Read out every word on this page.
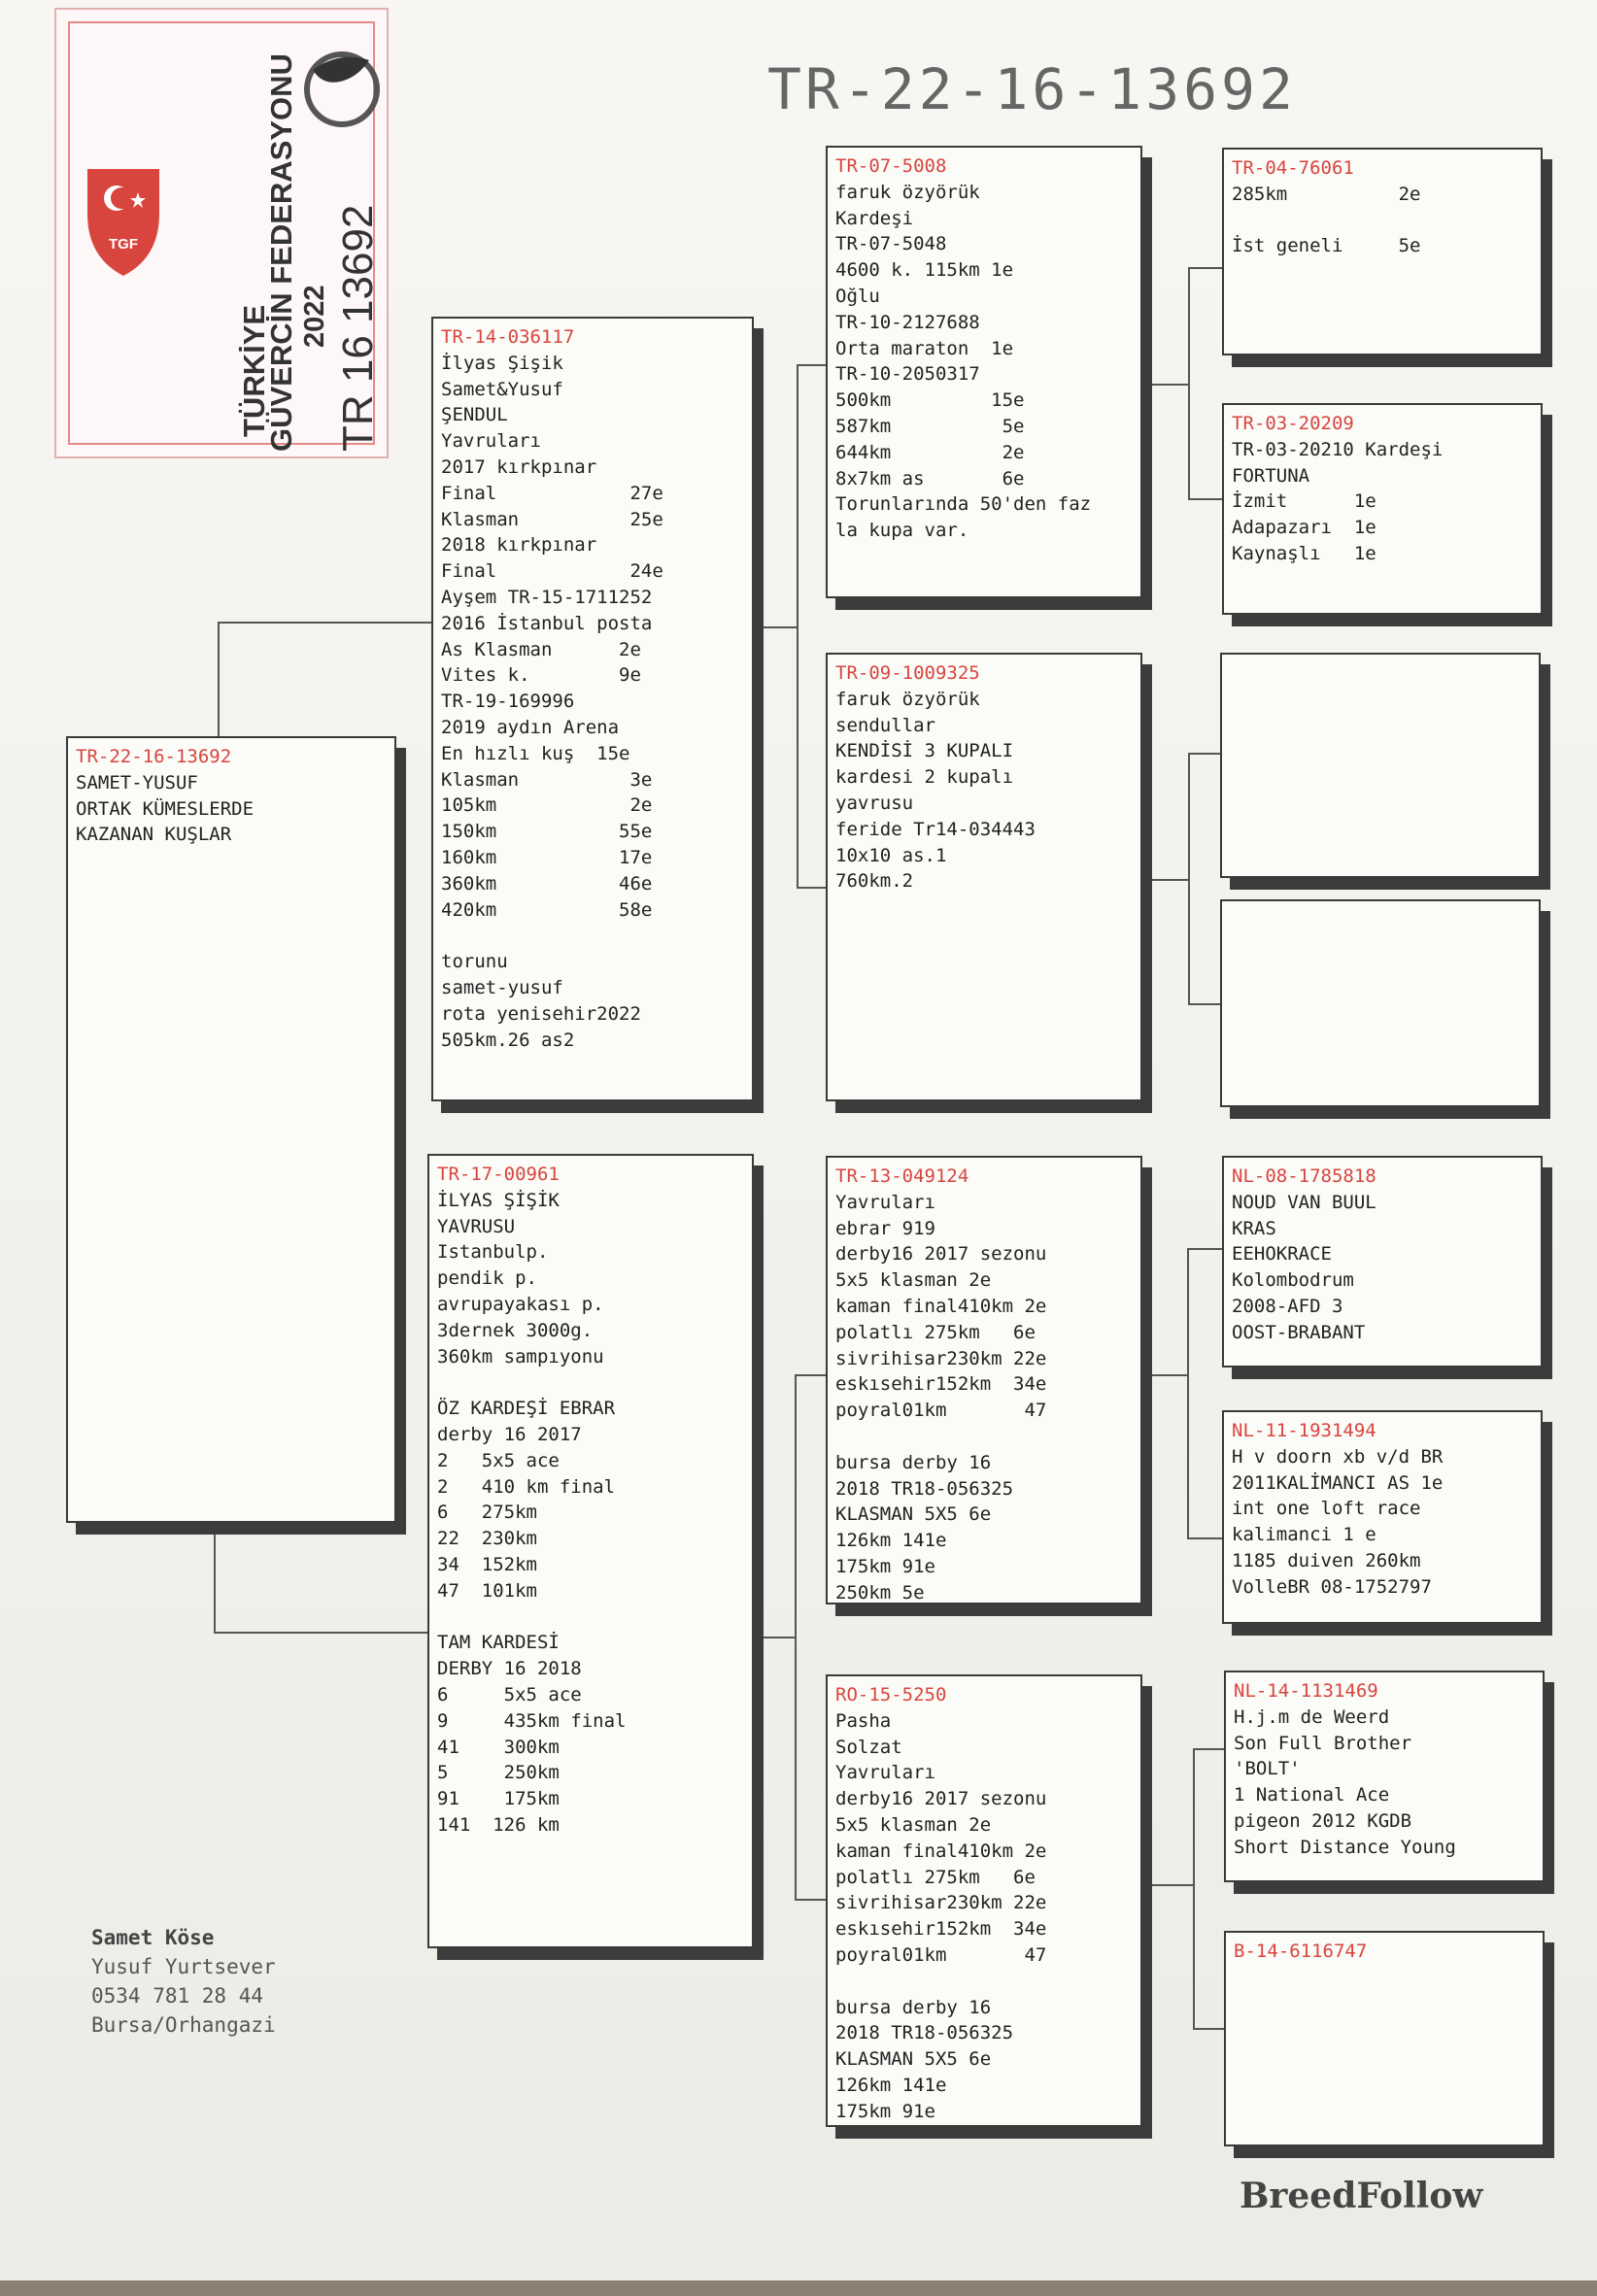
TGF
TÜRKİYE
GÜVERCİN FEDERASYONU 2022 TR 16 13692
TR-22-16-13692
TR-22-16-13692
SAMET-YUSUF
ORTAK KÜMESLERDE
KAZANAN KUŞLAR
TR-14-036117
İlyas Şişik
Samet&Yusuf
ŞENDUL
Yavruları
2017 kırkpınar
Final            27e
Klasman          25e
2018 kırkpınar
Final            24e
Ayşem TR-15-1711252
2016 İstanbul posta
As Klasman      2e
Vites k.        9e
TR-19-169996
2019 aydın Arena
En hızlı kuş  15e
Klasman          3e
105km            2e
150km           55e
160km           17e
360km           46e
420km           58e

torunu
samet-yusuf
rota yenisehir2022
505km.26 as2
TR-17-00961
İLYAS ŞİŞİK
YAVRUSU
Istanbulp.
pendik p.
avrupayakası p.
3dernek 3000g.
360km sampıyonu

ÖZ KARDEŞİ EBRAR
derby 16 2017
2   5x5 ace
2   410 km final
6   275km
22  230km
34  152km
47  101km

TAM KARDESİ
DERBY 16 2018
6     5x5 ace
9     435km final
41    300km
5     250km
91    175km
141  126 km
TR-07-5008
faruk özyörük
Kardeşi
TR-07-5048
4600 k. 115km 1e
Oğlu
TR-10-2127688
Orta maraton  1e
TR-10-2050317
500km         15e
587km          5e
644km          2e
8x7km as       6e
Torunlarında 50'den faz
la kupa var.
TR-09-1009325
faruk özyörük
sendullar
KENDİSİ 3 KUPALI
kardesi 2 kupalı
yavrusu
feride Tr14-034443
10x10 as.1
760km.2
TR-13-049124
Yavruları
ebrar 919
derby16 2017 sezonu
5x5 klasman 2e
kaman final410km 2e
polatlı 275km   6e
sivrihisar230km 22e
eskısehir152km  34e
poyral01km       47

bursa derby 16
2018 TR18-056325
KLASMAN 5X5 6e
126km 141e
175km 91e
250km 5e
RO-15-5250
Pasha
Solzat
Yavruları
derby16 2017 sezonu
5x5 klasman 2e
kaman final410km 2e
polatlı 275km   6e
sivrihisar230km 22e
eskısehir152km  34e
poyral01km       47

bursa derby 16
2018 TR18-056325
KLASMAN 5X5 6e
126km 141e
175km 91e
TR-04-76061
285km          2e

İst geneli     5e
TR-03-20209
TR-03-20210 Kardeşi
FORTUNA
İzmit      1e
Adapazarı  1e
Kaynaşlı   1e

NL-08-1785818
NOUD VAN BUUL
KRAS
EEHOKRACE
Kolombodrum
2008-AFD 3
OOST-BRABANT
NL-11-1931494
H v doorn xb v/d BR
2011KALİMANCI AS 1e
int one loft race
kalimanci 1 e
1185 duiven 260km
VolleBR 08-1752797
NL-14-1131469
H.j.m de Weerd
Son Full Brother
'BOLT'
1 National Ace
pigeon 2012 KGDB
Short Distance Young
B-14-6116747
Samet Köse
Yusuf Yurtsever
0534 781 28 44
Bursa/Orhangazi
BreedFollow
